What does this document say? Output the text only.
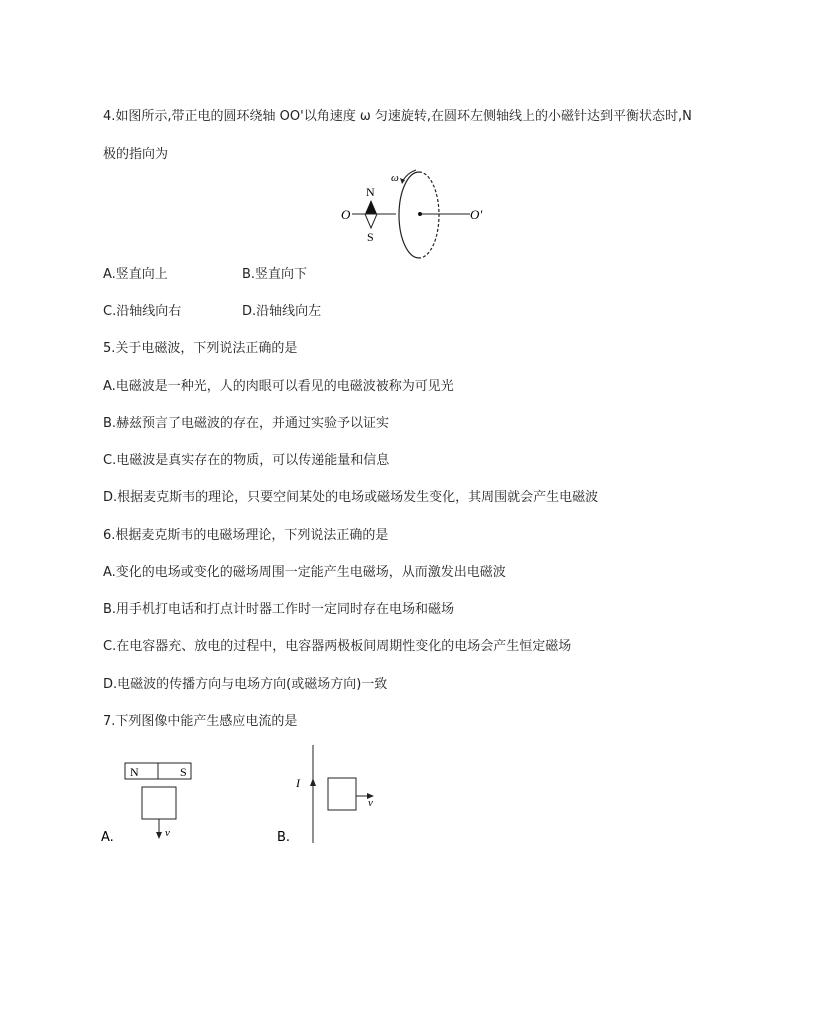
4.如图所示,带正电的圆环绕轴 OO'以角速度 ω 匀速旋转,在圆环左侧轴线上的小磁针达到平衡状态时,N
极的指向为
ω
N
S
O	O'
A.竖直向上	B.竖直向下
C.沿轴线向右	D.沿轴线向左
5.关于电磁波，下列说法正确的是
A.电磁波是一种光，人的肉眼可以看见的电磁波被称为可见光
B.赫兹预言了电磁波的存在，并通过实验予以证实
C.电磁波是真实存在的物质，可以传递能量和信息
D.根据麦克斯韦的理论，只要空间某处的电场或磁场发生变化，其周围就会产生电磁波
6.根据麦克斯韦的电磁场理论，下列说法正确的是
A.变化的电场或变化的磁场周围一定能产生电磁场，从而激发出电磁波
B.用手机打电话和打点计时器工作时一定同时存在电场和磁场
C.在电容器充、放电的过程中，电容器两极板间周期性变化的电场会产生恒定磁场
D.电磁波的传播方向与电场方向(或磁场方向)一致
7.下列图像中能产生感应电流的是
N	S
v
A.
I
v
B.
